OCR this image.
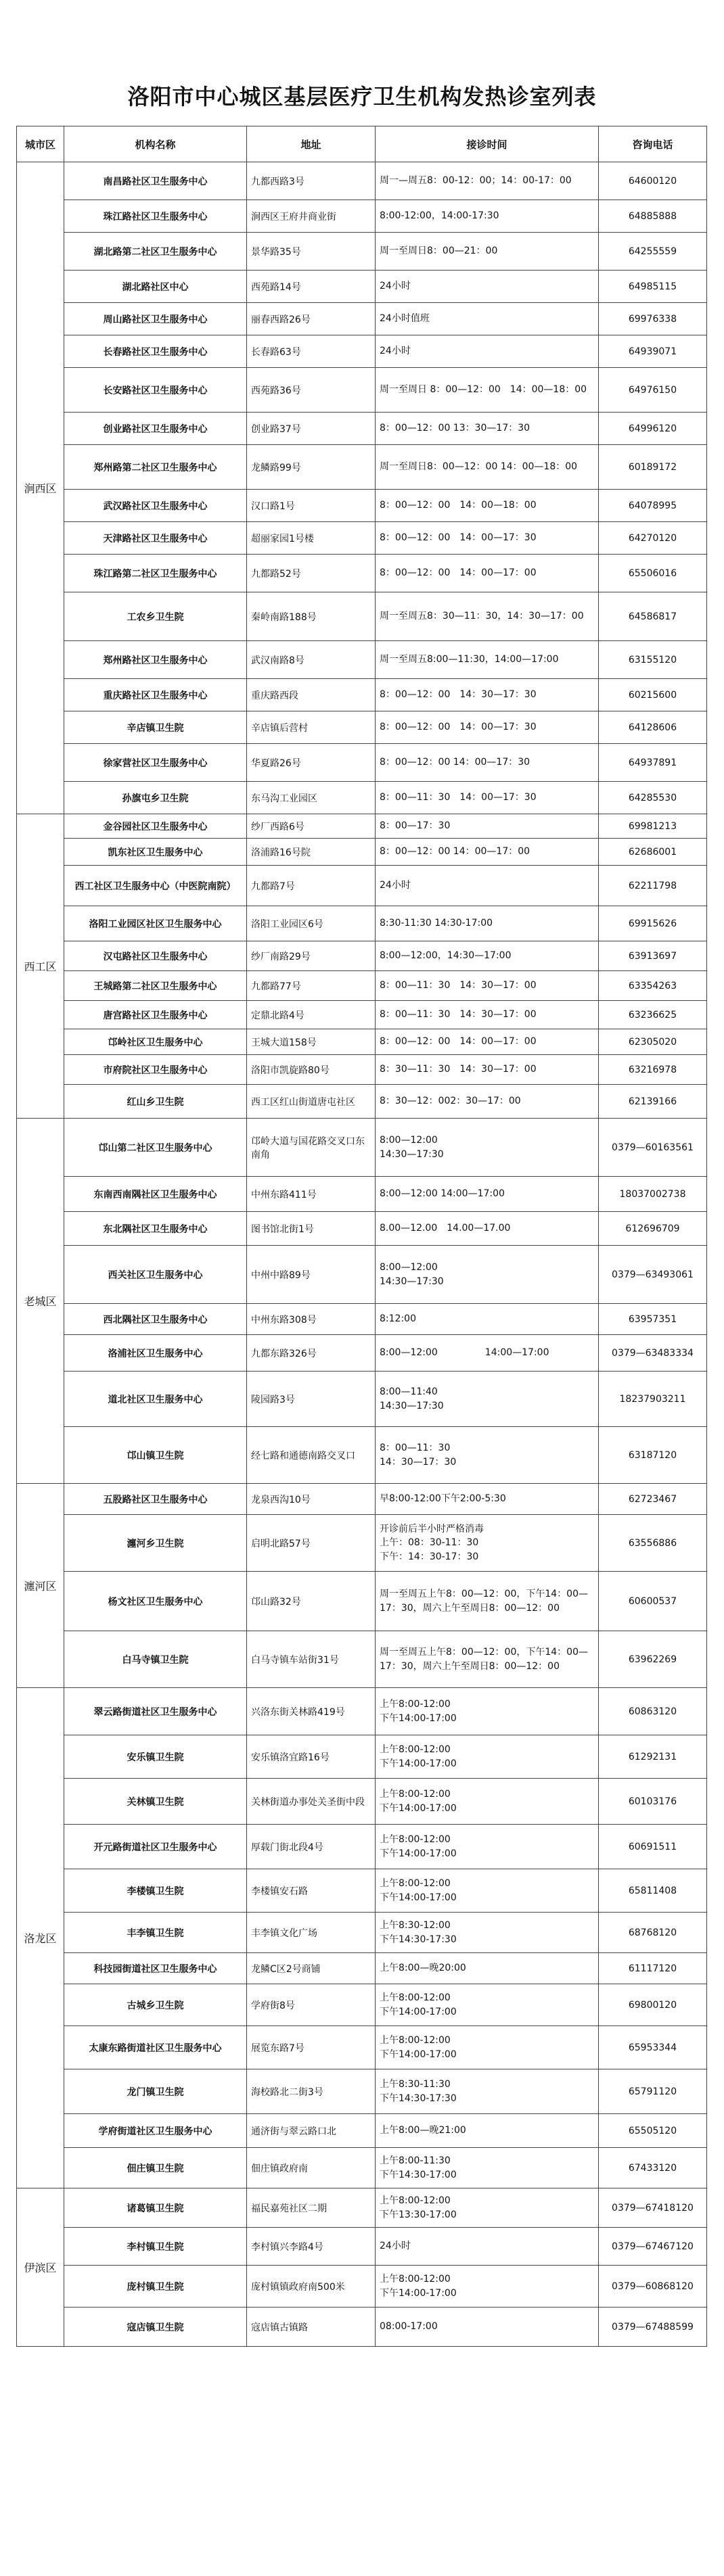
洛阳市中心城区基层医疗卫生机构发热诊室列表
城市区	机构名称	地址	接诊时间	咨询电话
涧西区	南昌路社区卫生服务中心	九都西路3号	周一—周五8：00-12：00；14：00-17：00	64600120
	珠江路社区卫生服务中心	涧西区王府井商业街	8:00-12:00，14:00-17:30	64885888
	湖北路第二社区卫生服务中心	景华路35号	周一至周日8：00—21：00	64255559
	湖北路社区中心	西苑路14号	24小时	64985115
	周山路社区卫生服务中心	丽春西路26号	24小时值班	69976338
	长春路社区卫生服务中心	长春路63号	24小时	64939071
	长安路社区卫生服务中心	西苑路36号	周一至周日 8：00—12：00　14：00—18：00	64976150
	创业路社区卫生服务中心	创业路37号	8：00—12：00 13：30—17：30	64996120
	郑州路第二社区卫生服务中心	龙鳞路99号	周一至周日8：00—12：00 14：00—18：00	60189172
	武汉路社区卫生服务中心	汉口路1号	8：00—12：00　14：00—18：00	64078995
	天津路社区卫生服务中心	超丽家园1号楼	8：00—12：00　14：00—17：30	64270120
	珠江路第二社区卫生服务中心	九都路52号	8：00—12：00　14：00—17：00	65506016
	工农乡卫生院	秦岭南路188号	周一至周五8：30—11：30，14：30—17：00	64586817
	郑州路社区卫生服务中心	武汉南路8号	周一至周五8:00—11:30，14:00—17:00	63155120
	重庆路社区卫生服务中心	重庆路西段	8：00—12：00　14：30—17：30	60215600
	辛店镇卫生院	辛店镇后营村	8：00—12：00　14：00—17：30	64128606
	徐家营社区卫生服务中心	华夏路26号	8：00—12：00 14：00—17：30	64937891
	孙旗屯乡卫生院	东马沟工业园区	8：00—11：30　14：00—17：30	64285530
西工区	金谷园社区卫生服务中心	纱厂西路6号	8：00—17：30	69981213
	凯东社区卫生服务中心	洛浦路16号院	8：00—12：00 14：00—17：00	62686001
	西工社区卫生服务中心（中医院南院）	九都路7号	24小时	62211798
	洛阳工业园区社区卫生服务中心	洛阳工业园区6号	8:30-11:30 14:30-17:00	69915626
	汉屯路社区卫生服务中心	纱厂南路29号	8:00—12:00，14:30—17:00	63913697
	王城路第二社区卫生服务中心	九都路77号	8：00—11：30　14：30—17：00	63354263
	唐宫路社区卫生服务中心	定鼎北路4号	8：00—11：30　14：30—17：00	63236625
	邙岭社区卫生服务中心	王城大道158号	8：00—12：00　14：00—17：00	62305020
	市府院社区卫生服务中心	洛阳市凯旋路80号	8：30—11：30　14：30—17：00	63216978
	红山乡卫生院	西工区红山街道唐屯社区	8：30—12：002：30—17：00	62139166
老城区	邙山第二社区卫生服务中心	邙岭大道与国花路交叉口东南角	8:00—12:00
14:30—17:30	0379—60163561
	东南西南隅社区卫生服务中心	中州东路411号	8:00—12:00 14:00—17:00	18037002738
	东北隅社区卫生服务中心	图书馆北街1号	8.00—12.00　14.00—17.00	612696709
	西关社区卫生服务中心	中州中路89号	8:00—12:00
14:30—17:30	0379—63493061
	西北隅社区卫生服务中心	中州东路308号	8:12:00	63957351
	洛浦社区卫生服务中心	九都东路326号	8:00—12:00　　　　　14:00—17:00	0379—63483334
	道北社区卫生服务中心	陵园路3号	8:00—11:40
14:30—17:30	18237903211
	邙山镇卫生院	经七路和通德南路交叉口	8：00—11：30
14：30—17：30	63187120
瀍河区	五股路社区卫生服务中心	龙泉西沟10号	早8:00-12:00下午2:00-5:30	62723467
	瀍河乡卫生院	启明北路57号	开诊前后半小时严格消毒
上午：08：30-11：30
下午：14：30-17：30	63556886
	杨文社区卫生服务中心	邙山路32号	周一至周五上午8：00—12：00，下午14：00—17：30，周六上午至周日8：00—12：00	60600537
	白马寺镇卫生院	白马寺镇车站街31号	周一至周五上午8：00—12：00，下午14：00—17：30，周六上午至周日8：00—12：00	63962269
洛龙区	翠云路街道社区卫生服务中心	兴洛东街关林路419号	上午8:00-12:00
下午14:00-17:00	60863120
	安乐镇卫生院	安乐镇洛宜路16号	上午8:00-12:00
下午14:00-17:00	61292131
	关林镇卫生院	关林街道办事处关圣街中段	上午8:00-12:00
下午14:00-17:00	60103176
	开元路街道社区卫生服务中心	厚载门街北段4号	上午8:00-12:00
下午14:00-17:00	60691511
	李楼镇卫生院	李楼镇安石路	上午8:00-12:00
下午14:00-17:00	65811408
	丰李镇卫生院	丰李镇文化广场	上午8:30-12:00
下午14:30-17:30	68768120
	科技园街道社区卫生服务中心	龙鳞C区2号商铺	上午8:00—晚20:00	61117120
	古城乡卫生院	学府街8号	上午8:00-12:00
下午14:00-17:00	69800120
	太康东路街道社区卫生服务中心	展览东路7号	上午8:00-12:00
下午14:00-17:00	65953344
	龙门镇卫生院	海校路北二街3号	上午8:30-11:30
下午14:30-17:30	65791120
	学府街道社区卫生服务中心	通济街与翠云路口北	上午8:00—晚21:00	65505120
	佃庄镇卫生院	佃庄镇政府南	上午8:00-11:30
下午14:30-17:00	67433120
伊滨区	诸葛镇卫生院	福民嘉苑社区二期	上午8:00-12:00
下午13:30-17:00	0379—67418120
	李村镇卫生院	李村镇兴李路4号	24小时	0379—67467120
	庞村镇卫生院	庞村镇镇政府南500米	上午8:00-12:00
下午14:00-17:00	0379—60868120
	寇店镇卫生院	寇店镇古镇路	08:00-17:00	0379—67488599
